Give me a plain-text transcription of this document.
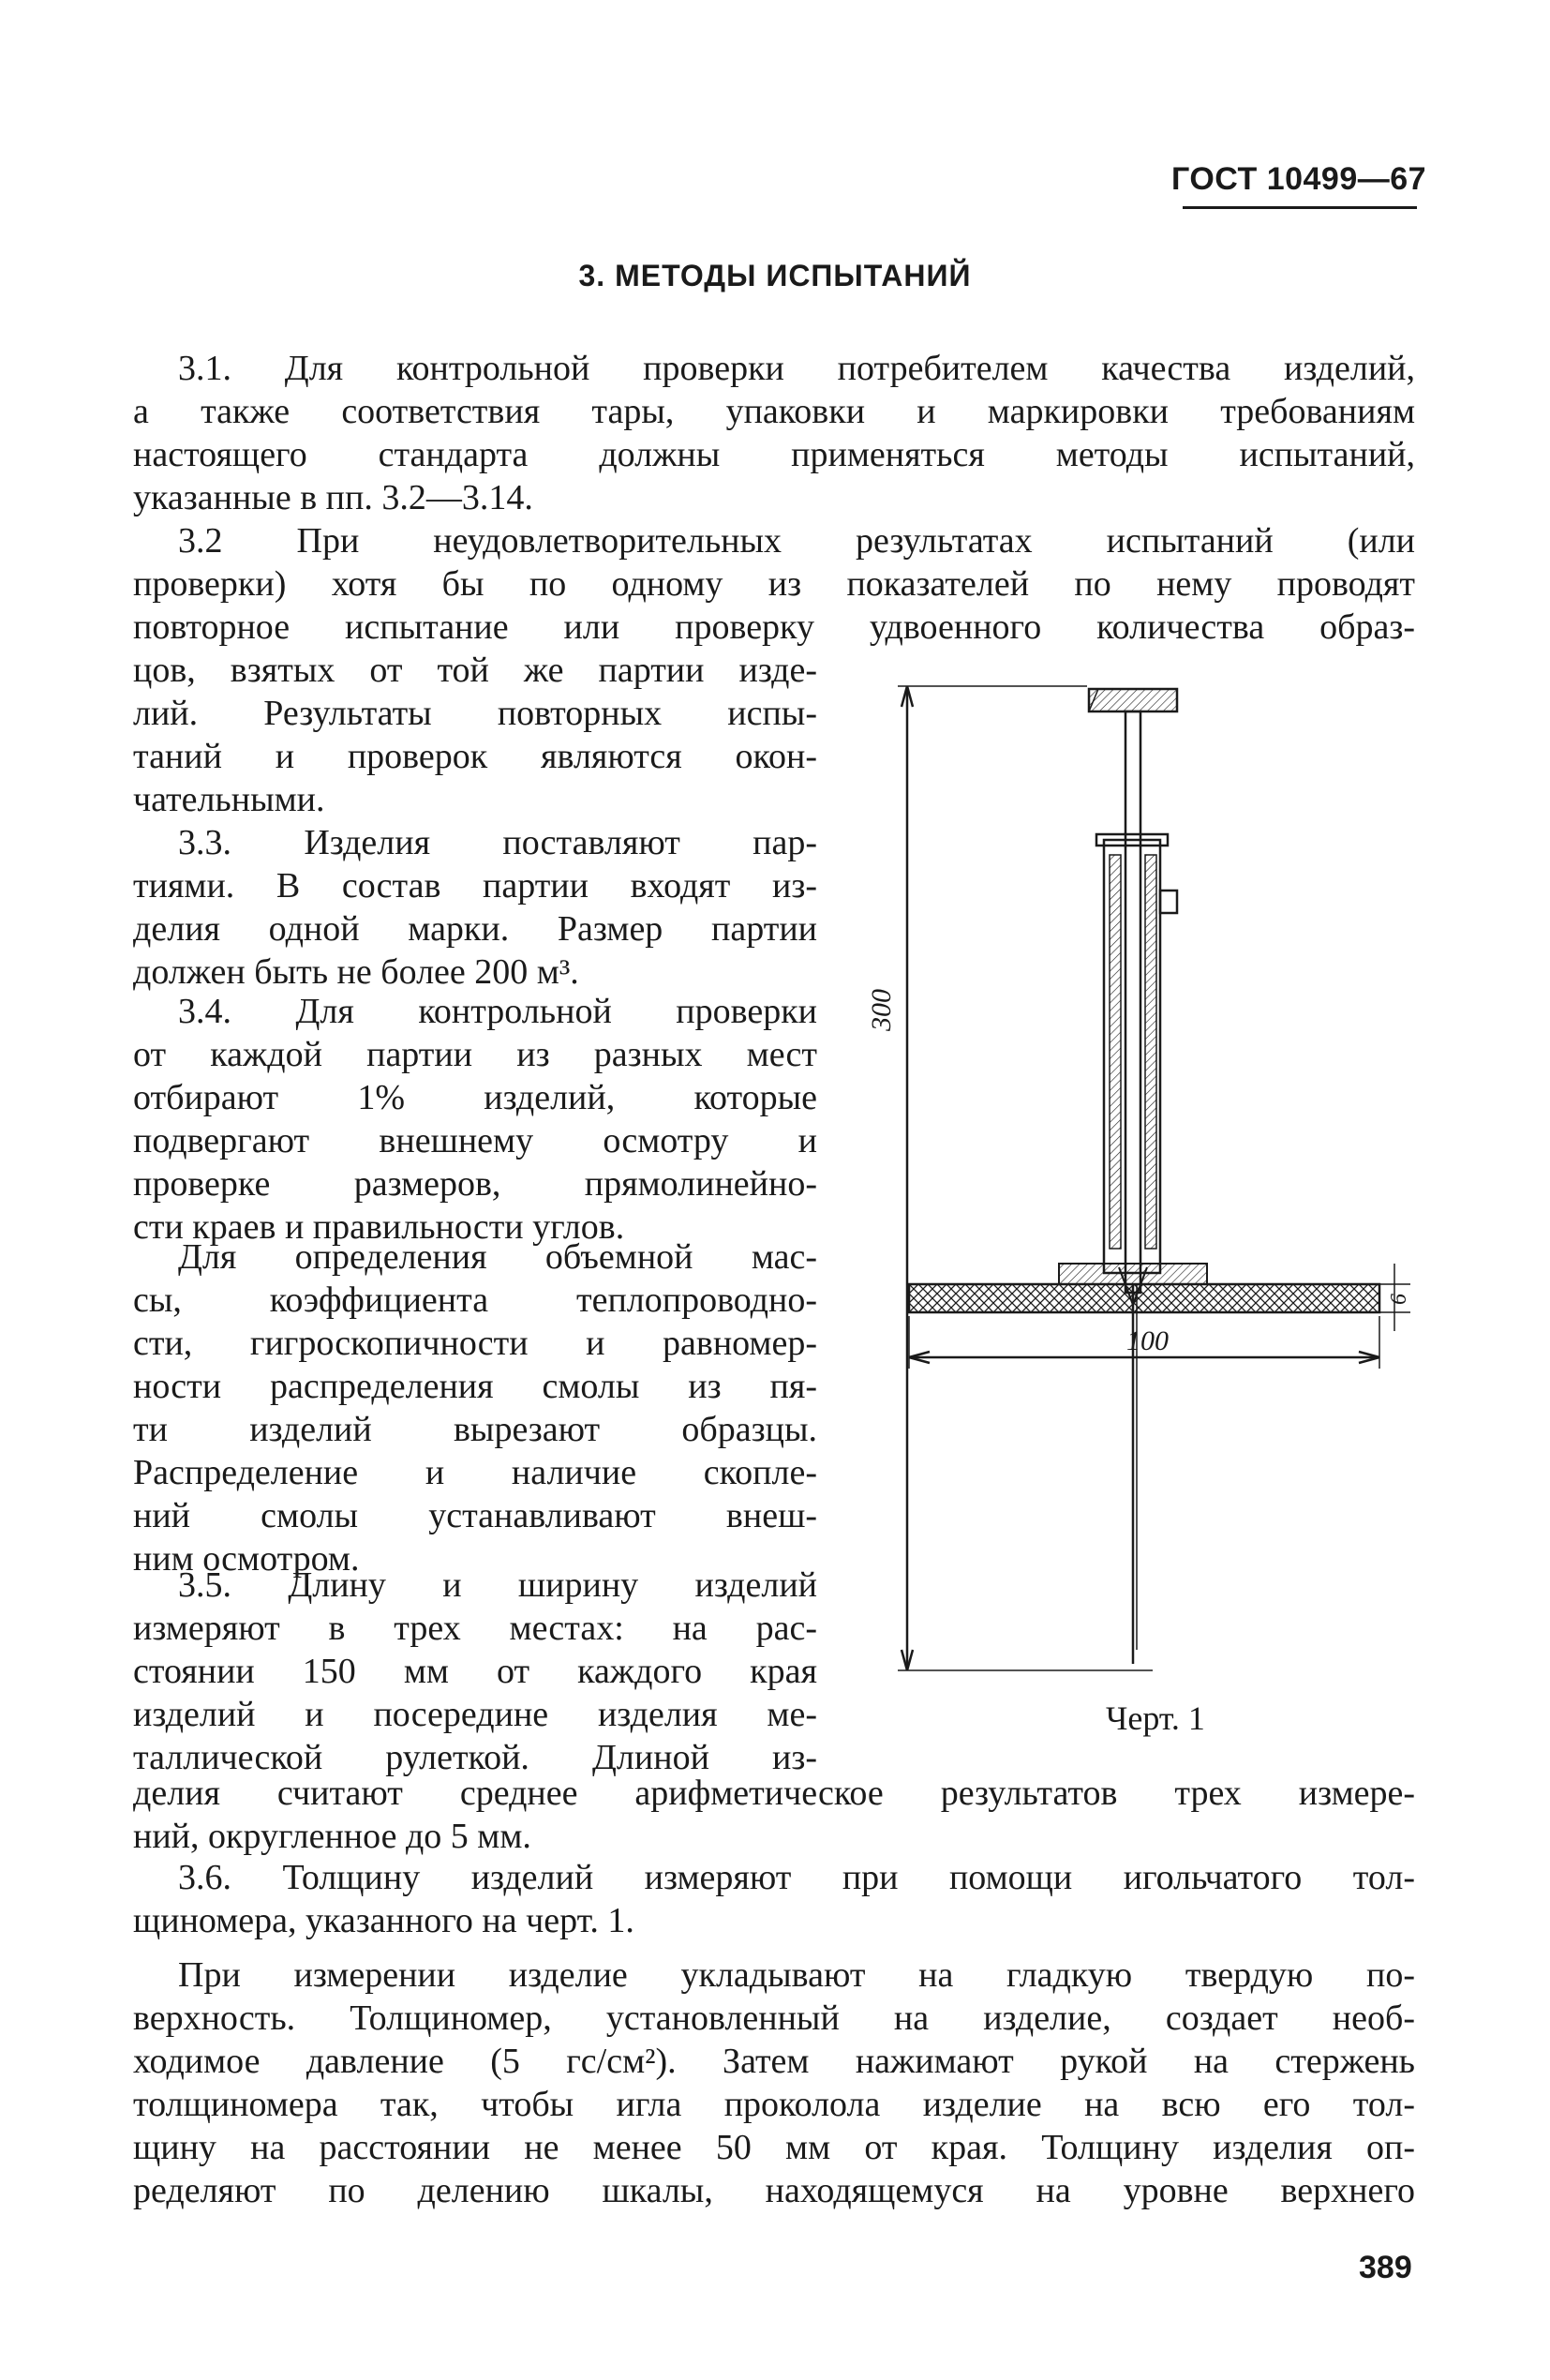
ГОСТ 10499—67
3. МЕТОДЫ ИСПЫТАНИЙ
3.1. Для контрольной проверки потребителем качества изделий,
а также соответствия тары, упаковки и маркировки требованиям
настоящего стандарта должны применяться методы испытаний,
указанные в пп. 3.2—3.14.
3.2 При неудовлетворительных результатах испытаний (или
проверки) хотя бы по одному из показателей по нему проводят
повторное испытание или проверку удвоенного количества образ-
цов, взятых от той же партии изде-
лий. Результаты повторных испы-
таний и проверок являются окон-
чательными.
3.3. Изделия поставляют пар-
тиями. В состав партии входят из-
делия одной марки. Размер партии
должен быть не более 200 м³.
3.4. Для контрольной проверки
от каждой партии из разных мест
отбирают 1% изделий, которые
подвергают внешнему осмотру и
проверке размеров, прямолинейно-
сти краев и правильности углов.
Для определения объемной мас-
сы, коэффициента теплопроводно-
сти, гигроскопичности и равномер-
ности распределения смолы из пя-
ти изделий вырезают образцы.
Распределение и наличие скопле-
ний смолы устанавливают внеш-
ним осмотром.
3.5. Длину и ширину изделий
измеряют в трех местах: на рас-
стоянии 150 мм от каждого края
изделий и посередине изделия ме-
таллической рулеткой. Длиной из-
делия считают среднее арифметическое результатов трех измере-
ний, округленное до 5 мм.
3.6. Толщину изделий измеряют при помощи игольчатого тол-
щиномера, указанного на черт. 1.
При измерении изделие укладывают на гладкую твердую по-
верхность. Толщиномер, установленный на изделие, создает необ-
ходимое давление (5 гс/см²). Затем нажимают рукой на стержень
толщиномера так, чтобы игла проколола изделие на всю его тол-
щину на расстоянии не менее 50 мм от края. Толщину изделия оп-
ределяют по делению шкалы, находящемуся на уровне верхнего
300
100
6
Черт. 1
389
